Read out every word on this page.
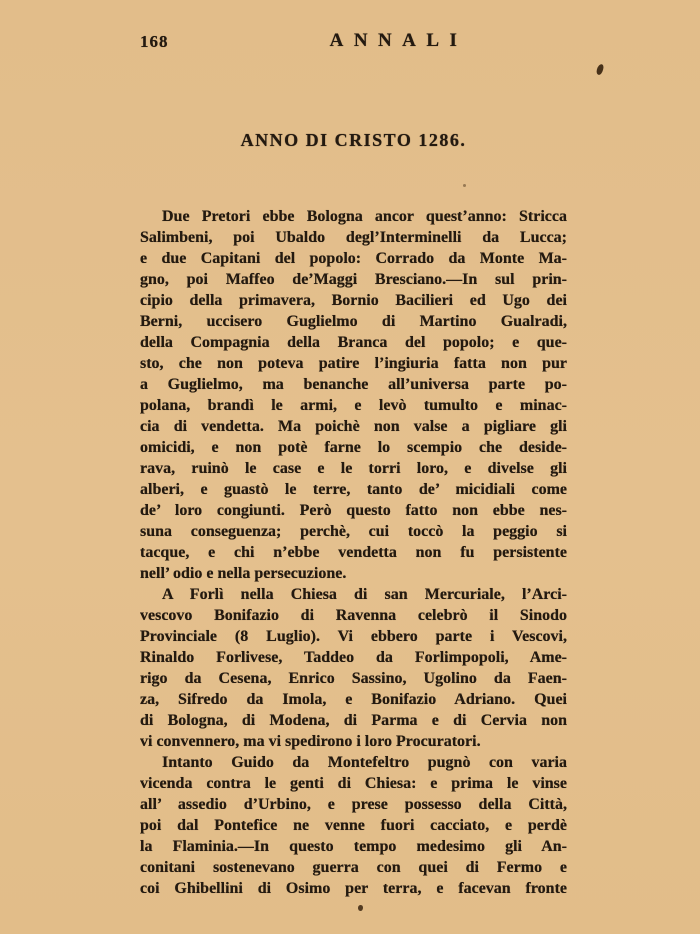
168	ANNALI
ANNO DI CRISTO 1286.
Due Pretori ebbe Bologna ancor quest’anno: Stricca
Salimbeni, poi Ubaldo degl’Interminelli da Lucca;
e due Capitani del popolo: Corrado da Monte Ma-
gno, poi Maffeo de’Maggi Bresciano.—In sul prin-
cipio della primavera, Bornio Bacilieri ed Ugo dei
Berni, uccisero Guglielmo di Martino Gualradi,
della Compagnia della Branca del popolo; e que-
sto, che non poteva patire l’ingiuria fatta non pur
a Guglielmo, ma benanche all’universa parte po-
polana, brandì le armi, e levò tumulto e minac-
cia di vendetta. Ma poichè non valse a pigliare gli
omicidi, e non potè farne lo scempio che deside-
rava, ruinò le case e le torri loro, e divelse gli
alberi, e guastò le terre, tanto de’ micidiali come
de’ loro congiunti. Però questo fatto non ebbe nes-
suna conseguenza; perchè, cui toccò la peggio si
tacque, e chi n’ebbe vendetta non fu persistente
nell’ odio e nella persecuzione.
A Forlì nella Chiesa di san Mercuriale, l’Arci-
vescovo Bonifazio di Ravenna celebrò il Sinodo
Provinciale (8 Luglio). Vi ebbero parte i Vescovi,
Rinaldo Forlivese, Taddeo da Forlimpopoli, Ame-
rigo da Cesena, Enrico Sassino, Ugolino da Faen-
za, Sifredo da Imola, e Bonifazio Adriano. Quei
di Bologna, di Modena, di Parma e di Cervia non
vi convennero, ma vi spedirono i loro Procuratori.
Intanto Guido da Montefeltro pugnò con varia
vicenda contra le genti di Chiesa: e prima le vinse
all’ assedio d’Urbino, e prese possesso della Città,
poi dal Pontefice ne venne fuori cacciato, e perdè
la Flaminia.—In questo tempo medesimo gli An-
conitani sostenevano guerra con quei di Fermo e
coi Ghibellini di Osimo per terra, e facevan fronte
